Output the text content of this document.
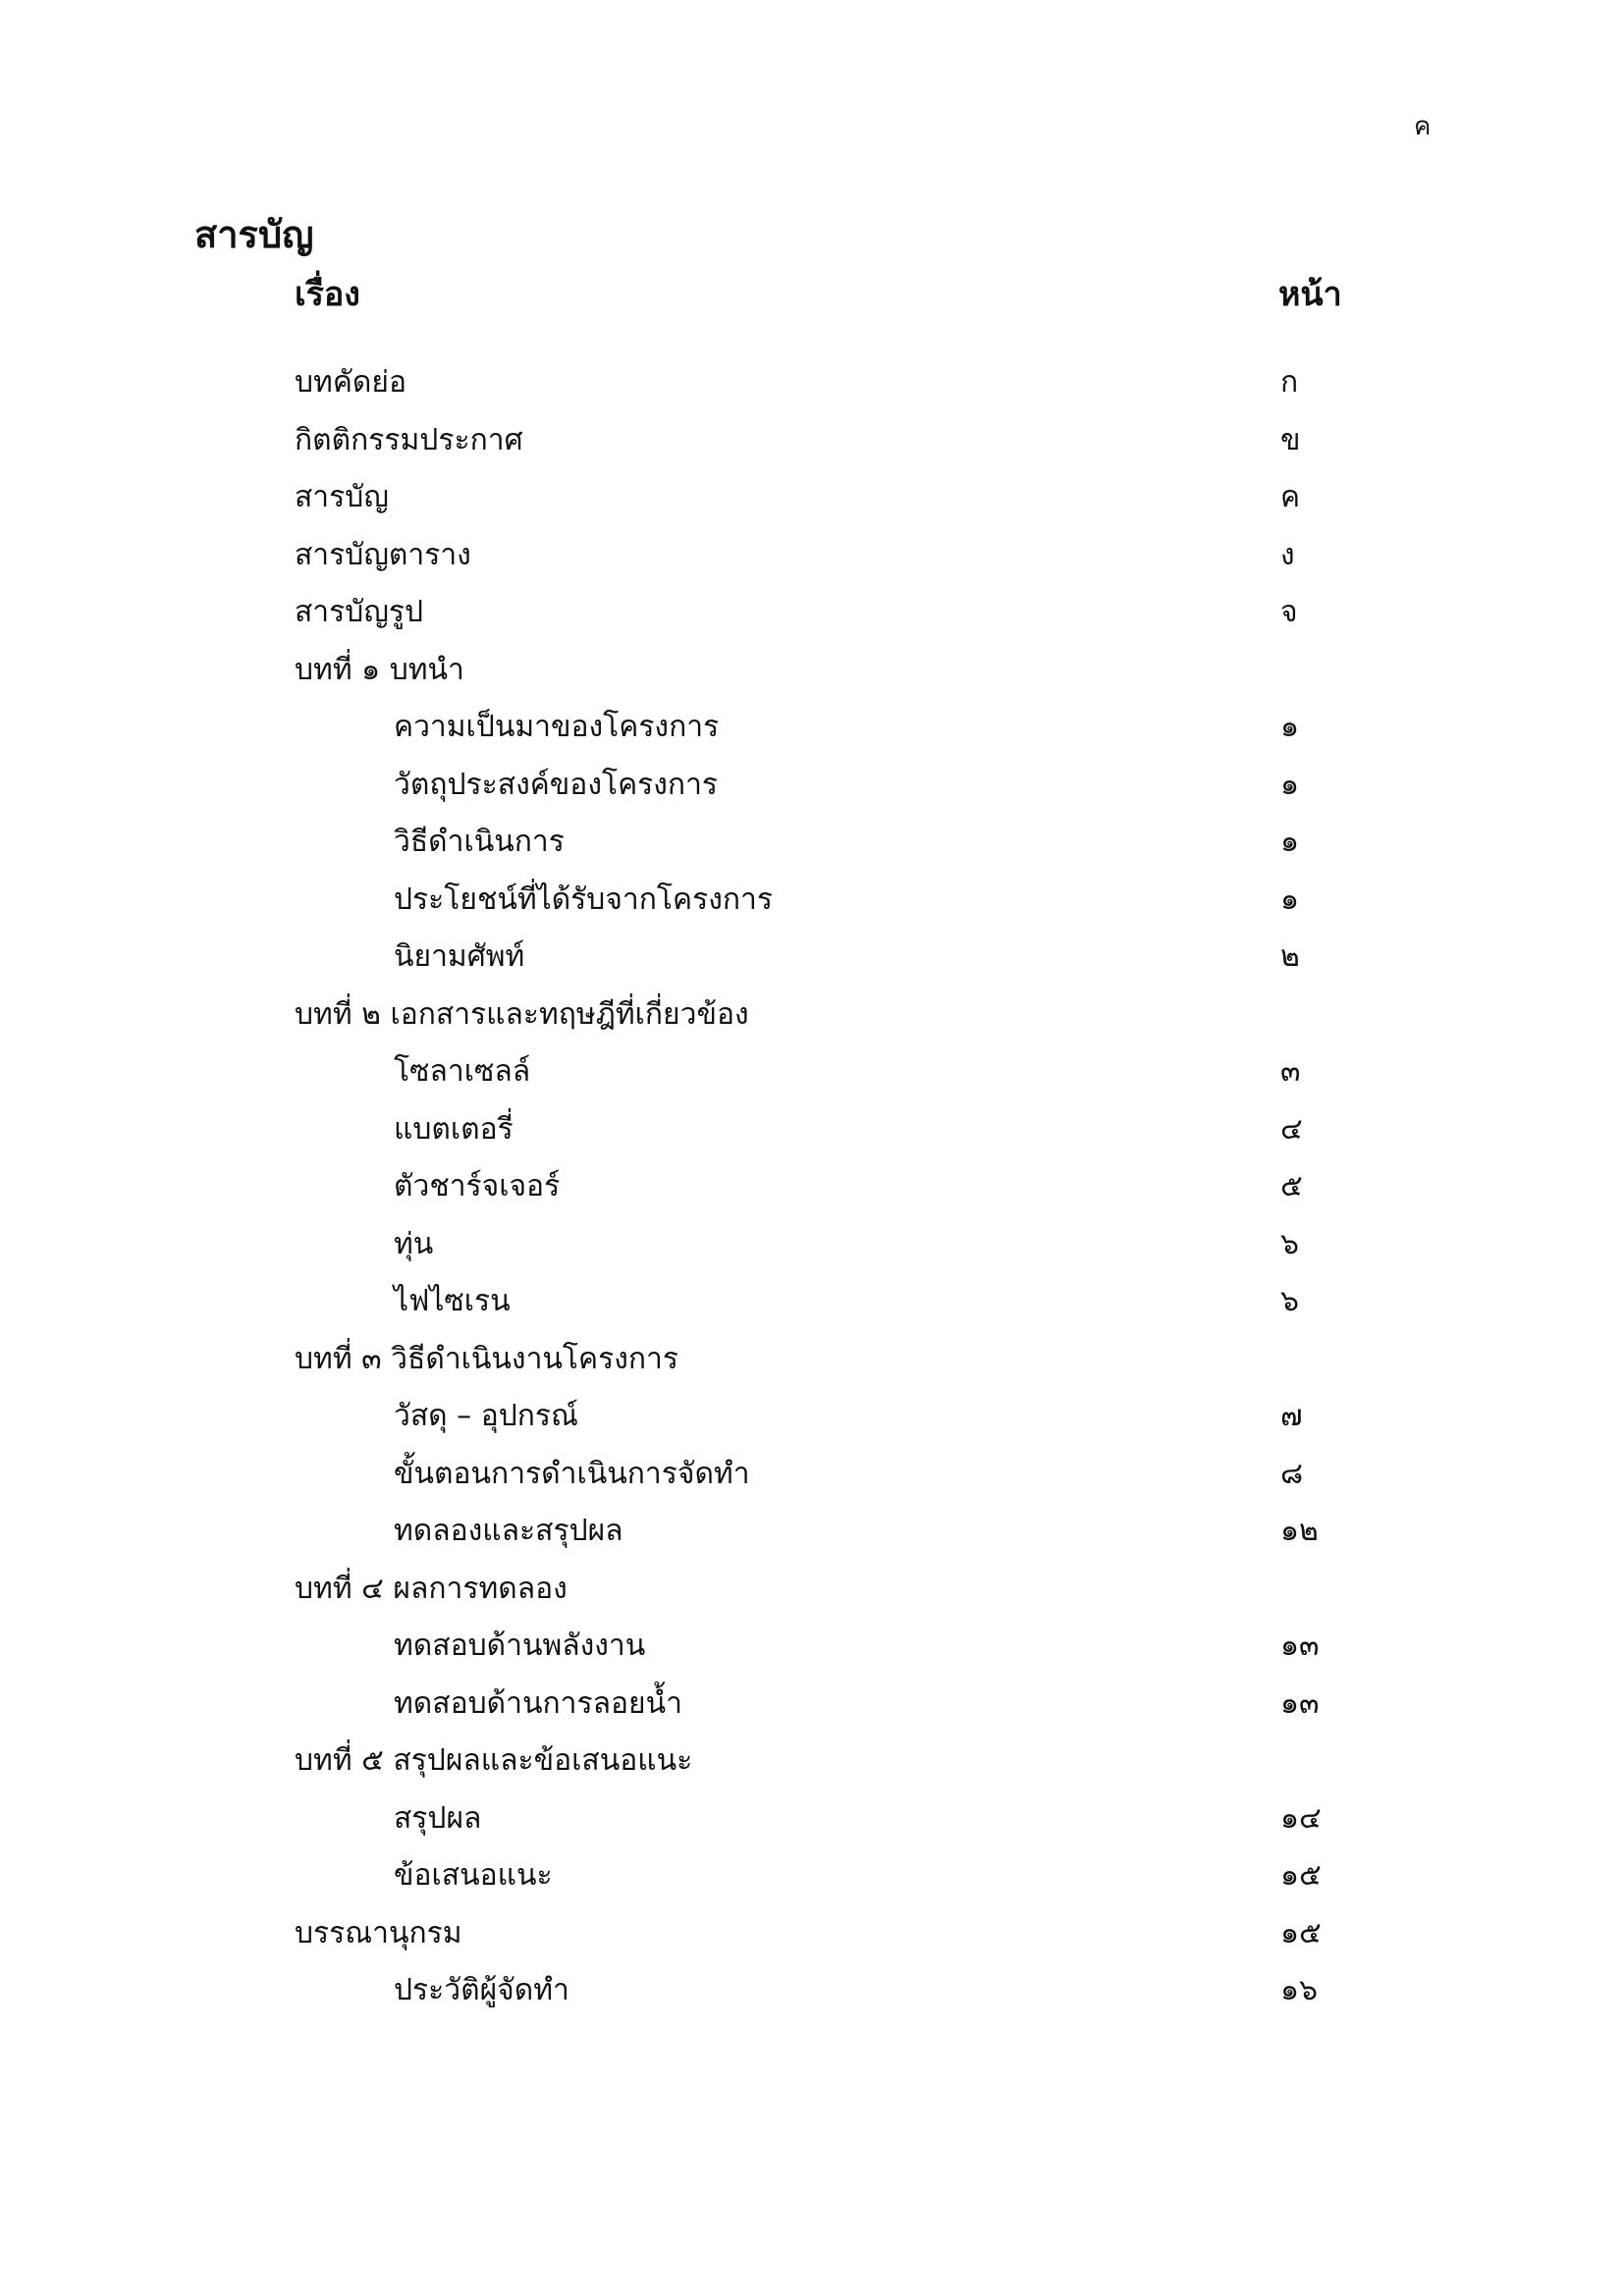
ค
สารบัญ
เรื่อง	หน้า
บทคัดย่อ	ก
กิตติกรรมประกาศ	ข
สารบัญ	ค
สารบัญตาราง	ง
สารบัญรูป	จ
บทที่ ๑ บทนำ
ความเป็นมาของโครงการ	๑
วัตถุประสงค์ของโครงการ	๑
วิธีดำเนินการ	๑
ประโยชน์ที่ได้รับจากโครงการ	๑
นิยามศัพท์	๒
บทที่ ๒ เอกสารและทฤษฎีที่เกี่ยวข้อง
โซลาเซลล์	๓
แบตเตอรี่	๔
ตัวชาร์จเจอร์	๕
ทุ่น	๖
ไฟไซเรน	๖
บทที่ ๓ วิธีดำเนินงานโครงการ
วัสดุ – อุปกรณ์	๗
ขั้นตอนการดำเนินการจัดทำ	๘
ทดลองและสรุปผล	๑๒
บทที่ ๔ ผลการทดลอง
ทดสอบด้านพลังงาน	๑๓
ทดสอบด้านการลอยน้ำ	๑๓
บทที่ ๕ สรุปผลและข้อเสนอแนะ
สรุปผล	๑๔
ข้อเสนอแนะ	๑๕
บรรณานุกรม	๑๕
ประวัติผู้จัดทำ	๑๖
